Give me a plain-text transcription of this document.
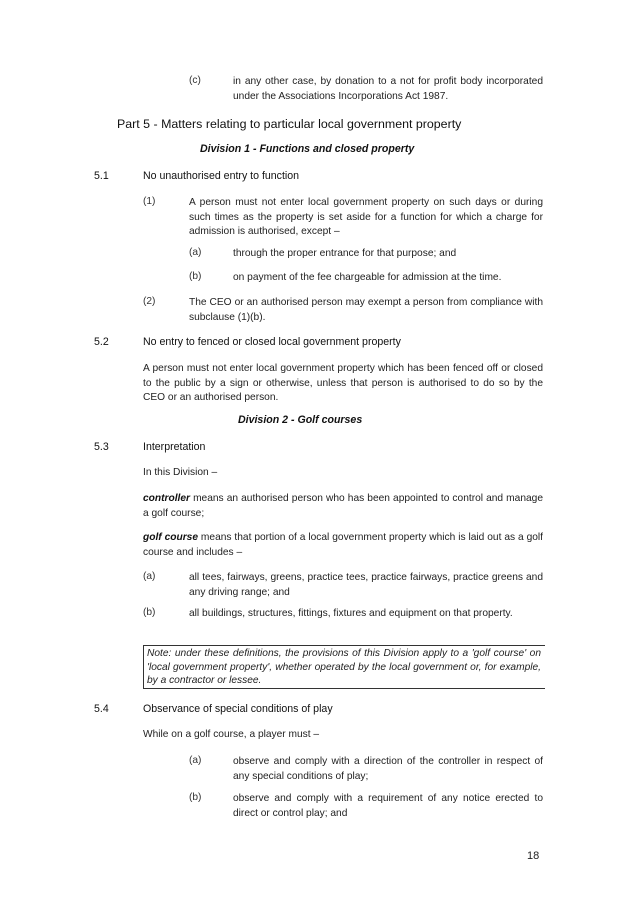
(c)	in any other case, by donation to a not for profit body incorporated under the Associations Incorporations Act 1987.
Part 5 - Matters relating to particular local government property
Division 1 - Functions and closed property
5.1	No unauthorised entry to function
(1)	A person must not enter local government property on such days or during such times as the property is set aside for a function for which a charge for admission is authorised, except –
(a)	through the proper entrance for that purpose; and
(b)	on payment of the fee chargeable for admission at the time.
(2)	The CEO or an authorised person may exempt a person from compliance with subclause (1)(b).
5.2	No entry to fenced or closed local government property
A person must not enter local government property which has been fenced off or closed to the public by a sign or otherwise, unless that person is authorised to do so by the CEO or an authorised person.
Division 2 - Golf courses
5.3	Interpretation
In this Division –
controller means an authorised person who has been appointed to control and manage a golf course;
golf course means that portion of a local government property which is laid out as a golf course and includes –
(a)	all tees, fairways, greens, practice tees, practice fairways, practice greens and any driving range; and
(b)	all buildings, structures, fittings, fixtures and equipment on that property.
Note: under these definitions, the provisions of this Division apply to a 'golf course' on 'local government property', whether operated by the local government or, for example, by a contractor or lessee.
5.4	Observance of special conditions of play
While on a golf course, a player must –
(a)	observe and comply with a direction of the controller in respect of any special conditions of play;
(b)	observe and comply with a requirement of any notice erected to direct or control play; and
18
